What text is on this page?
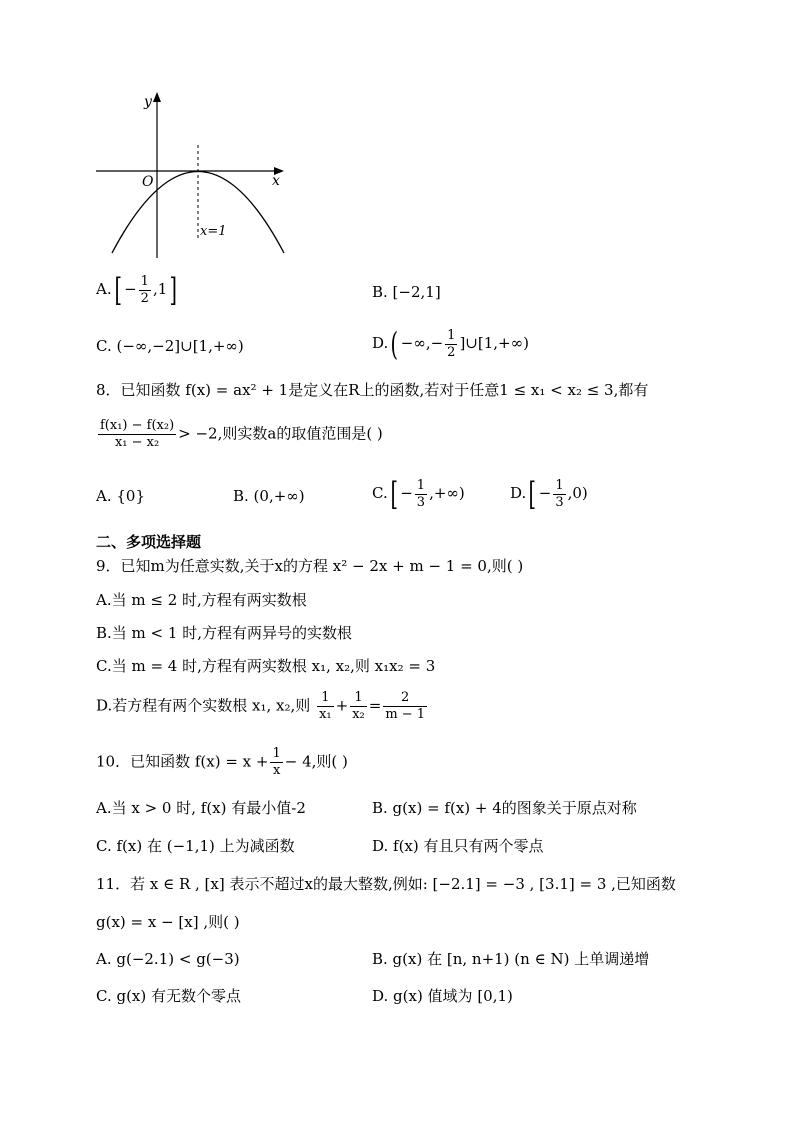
y
x
O
x=1
$A.[ - \frac{1}{2} ,1]$	B. [−2,1]
C. (−∞,−2]∪[1,+∞)	D.( −∞,− $\frac{1}{2}$ ]∪[1,+∞)
8．已知函数 f(x) = ax² + 1是定义在R上的函数,若对于任意1 ≤ x₁ < x₂ ≤ 3,都有
$\frac{\text{f(x₁) − f(x₂)}}{\text{x₁ − x₂}} > -2$,则实数a的取值范围是( )
A. {0}	B. (0,+∞)	$C.[ - \frac{1}{3}$ ,+∞)	$D.[ - \frac{1}{3} ,0)$
二、多项选择题
9．已知m为任意实数,关于x的方程 x² − 2x + m − 1 = 0,则( )
A.当 m ≤ 2 时,方程有两实数根
B.当 m < 1 时,方程有两异号的实数根
C.当 m = 4 时,方程有两实数根 x₁, x₂,则 x₁x₂ = 3
D.若方程有两个实数根 x₁, x₂,则 $\frac{1}{\text{x₁}} + \frac{1}{\text{x₂}} = \frac{2}{m - 1}$
10．已知函数 $f(x) = x + \frac{1}{x} - 4$,则( )
A.当 x > 0 时, f(x) 有最小值-2	B. g(x) = f(x) + 4的图象关于原点对称
C. f(x) 在 (−1,1) 上为减函数	D. f(x) 有且只有两个零点
11．若 x ∈ R , [x] 表示不超过x的最大整数,例如: [−2.1] = −3 , [3.1] = 3 ,已知函数
g(x) = x − [x] ,则( )
A. g(−2.1) < g(−3)	B. g(x) 在 [n, n+1) (n ∈ N) 上单调递增
C. g(x) 有无数个零点	D. g(x) 值域为 [0,1)
